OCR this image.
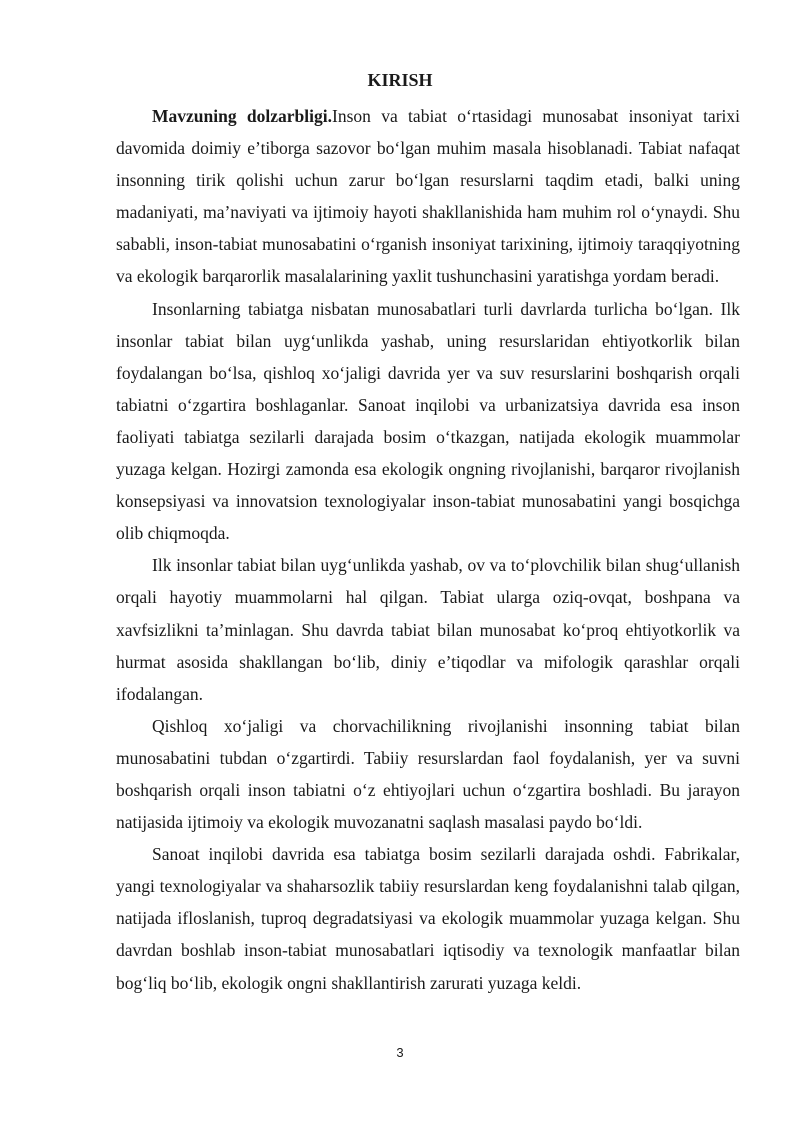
KIRISH

Mavzuning dolzarbligi.Inson va tabiat o‘rtasidagi munosabat insoniyat tarixi davomida doimiy e’tiborga sazovor bo‘lgan muhim masala hisoblanadi. Tabiat nafaqat insonning tirik qolishi uchun zarur bo‘lgan resurslarni taqdim etadi, balki uning madaniyati, ma’naviyati va ijtimoiy hayoti shakllanishida ham muhim rol o‘ynaydi. Shu sababli, inson-tabiat munosabatini o‘rganish insoniyat tarixining, ijtimoiy taraqqiyotning va ekologik barqarorlik masalalarining yaxlit tushunchasini yaratishga yordam beradi.

Insonlarning tabiatga nisbatan munosabatlari turli davrlarda turlicha bo‘lgan. Ilk insonlar tabiat bilan uyg‘unlikda yashab, uning resurslaridan ehtiyotkorlik bilan foydalangan bo‘lsa, qishloq xo‘jaligi davrida yer va suv resurslarini boshqarish orqali tabiatni o‘zgartira boshlaganlar. Sanoat inqilobi va urbanizatsiya davrida esa inson faoliyati tabiatga sezilarli darajada bosim o‘tkazgan, natijada ekologik muammolar yuzaga kelgan. Hozirgi zamonda esa ekologik ongning rivojlanishi, barqaror rivojlanish konsepsiyasi va innovatsion texnologiyalar inson-tabiat munosabatini yangi bosqichga olib chiqmoqda.

Ilk insonlar tabiat bilan uyg‘unlikda yashab, ov va to‘plovchilik bilan shug‘ullanish orqali hayotiy muammolarni hal qilgan. Tabiat ularga oziq-ovqat, boshpana va xavfsizlikni ta’minlagan. Shu davrda tabiat bilan munosabat ko‘proq ehtiyotkorlik va hurmat asosida shakllangan bo‘lib, diniy e’tiqodlar va mifologik qarashlar orqali ifodalangan.

Qishloq xo‘jaligi va chorvachilikning rivojlanishi insonning tabiat bilan munosabatini tubdan o‘zgartirdi. Tabiiy resurslardan faol foydalanish, yer va suvni boshqarish orqali inson tabiatni o‘z ehtiyojlari uchun o‘zgartira boshladi. Bu jarayon natijasida ijtimoiy va ekologik muvozanatni saqlash masalasi paydo bo‘ldi.

Sanoat inqilobi davrida esa tabiatga bosim sezilarli darajada oshdi. Fabrikalar, yangi texnologiyalar va shaharsozlik tabiiy resurslardan keng foydalanishni talab qilgan, natijada ifloslanish, tuproq degradatsiyasi va ekologik muammolar yuzaga kelgan. Shu davrdan boshlab inson-tabiat munosabatlari iqtisodiy va texnologik manfaatlar bilan bog‘liq bo‘lib, ekologik ongni shakllantirish zarurati yuzaga keldi.

3
